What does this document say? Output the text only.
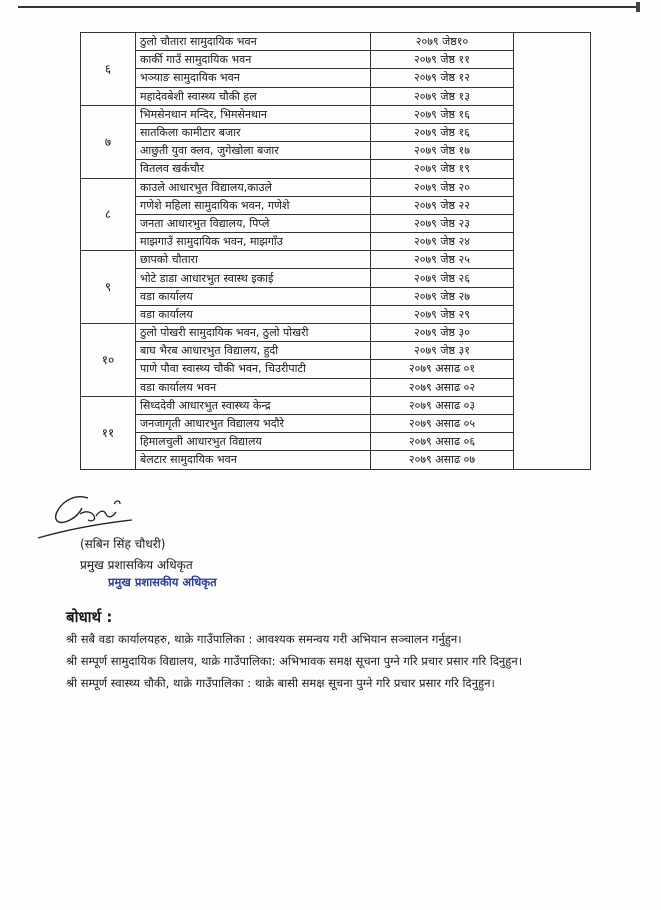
६	ठुलो चौतारा सामुदायिक भवन	२०७९ जेष्ठ१०	
	कार्की गाउँ सामुदायिक भवन	२०७९ जेष्ठ ११	
	भञ्याङ सामुदायिक भवन	२०७९ जेष्ठ १२	
	महादेवबेशी स्वास्थ्य चौकी हल	२०७९ जेष्ठ १३	
७	भिमसेनथान मन्दिर, भिमसेनथान	२०७९ जेष्ठ १६	
	सातकिला कामीटार बजार	२०७९ जेष्ठ १६	
	आछुती युवा क्लव, जुगेखोला बजार	२०७९ जेष्ठ १७	
	वितलव खर्कचौर	२०७९ जेष्ठ १९	
८	काउले आधारभुत विद्यालय,काउले	२०७९ जेष्ठ २०	
	गणेशे महिला सामुदायिक भवन, गणेशे	२०७९ जेष्ठ २२	
	जनता आधारभुत विद्यालय, पिप्ले	२०७९ जेष्ठ २३	
	माझगाउँ सामुदायिक भवन, माझगाँउ	२०७९ जेष्ठ २४	
९	छापको चौतारा	२०७९ जेष्ठ २५	
	भोटे डाडा आधारभुत स्वास्थ इकाई	२०७९ जेष्ठ २६	
	वडा कार्यालय	२०७९ जेष्ठ २७	
	वडा कार्यालय	२०७९ जेष्ठ २९	
१०	ठुलो पोखरी सामुदायिक भवन, ठुलो पोखरी	२०७९ जेष्ठ ३०	
	बाघ भैरब आधारभुत विद्यालय, हुदी	२०७९ जेष्ठ ३१	
	पाणे पौवा स्वास्थ्य चौकी भवन, चिउरीपाटी	२०७९ असाढ ०१	
	वडा कार्यालय भवन	२०७९ असाढ ०२	
११	सिध्ददेवी आधारभुत स्वास्थ्य केन्द्र	२०७९ असाढ ०३	
	जनजागृती आधारभुत विद्यालय भदौरे	२०७९ असाढ ०५	
	हिमालचुली आधारभुत विद्यालय	२०७९ असाढ ०६	
	बेलटार सामुदायिक भवन	२०७९ असाढ ०७	
(सबिन सिंह चौधरी)
प्रमुख प्रशासकिय अधिकृत
प्रमुख प्रशासकीय अधिकृत
बोधार्थ :
श्री सबै वडा कार्यालयहरु, थाक्रे गाउँपालिका : आवश्यक समन्वय गरी अभियान सञ्चालन गर्नुहुन।
श्री सम्पूर्ण सामुदायिक विद्यालय, थाक्रे गाउँपालिका: अभिभावक समक्ष सूचना पुग्ने गरि प्रचार प्रसार गरि दिनुहुन।
श्री सम्पूर्ण स्वास्थ्य चौकी, थाक्रे गाउँपालिका : थाक्रे बासी समक्ष सूचना पुग्ने गरि प्रचार प्रसार गरि दिनुहुन।
